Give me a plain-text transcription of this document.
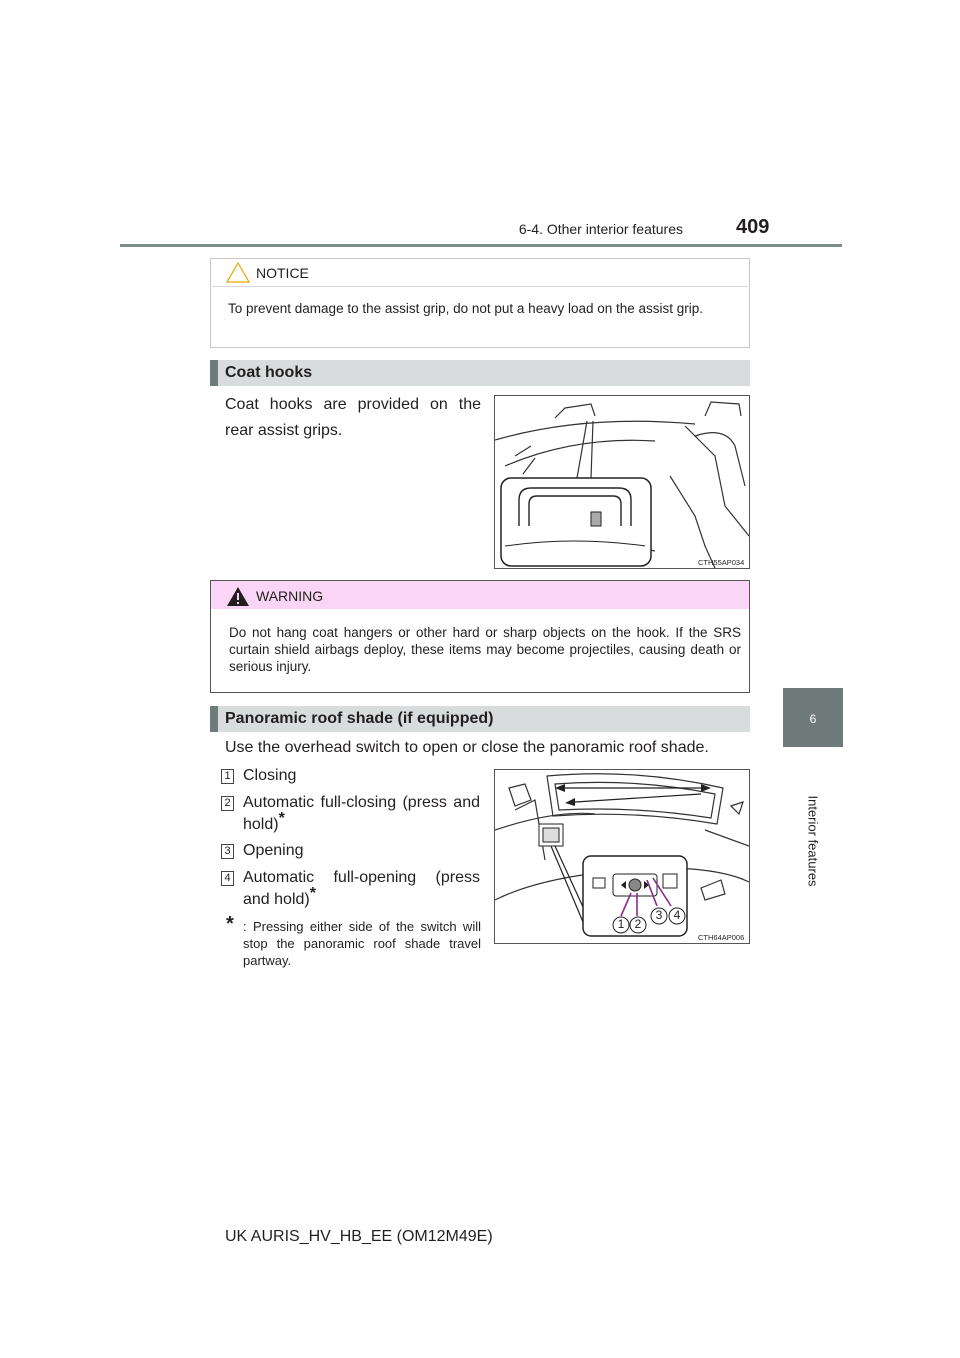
6-4. Other interior features	409
6
Interior features
NOTICE
To prevent damage to the assist grip, do not put a heavy load on the assist grip.
Coat hooks
Coat hooks are provided on the rear assist grips.
CTH55AP034
WARNING
Do not hang coat hangers or other hard or sharp objects on the hook. If the SRS curtain shield airbags deploy, these items may become projectiles, causing death or serious injury.
Panoramic roof shade (if equipped)
Use the overhead switch to open or close the panoramic roof shade.
1 Closing
2 Automatic full-closing (press and hold)*
3 Opening
4 Automatic full-opening (press and hold)*
* : Pressing either side of the switch will stop the panoramic roof shade travel partway.
1 2
3 4
CTH64AP006
UK AURIS_HV_HB_EE (OM12M49E)
